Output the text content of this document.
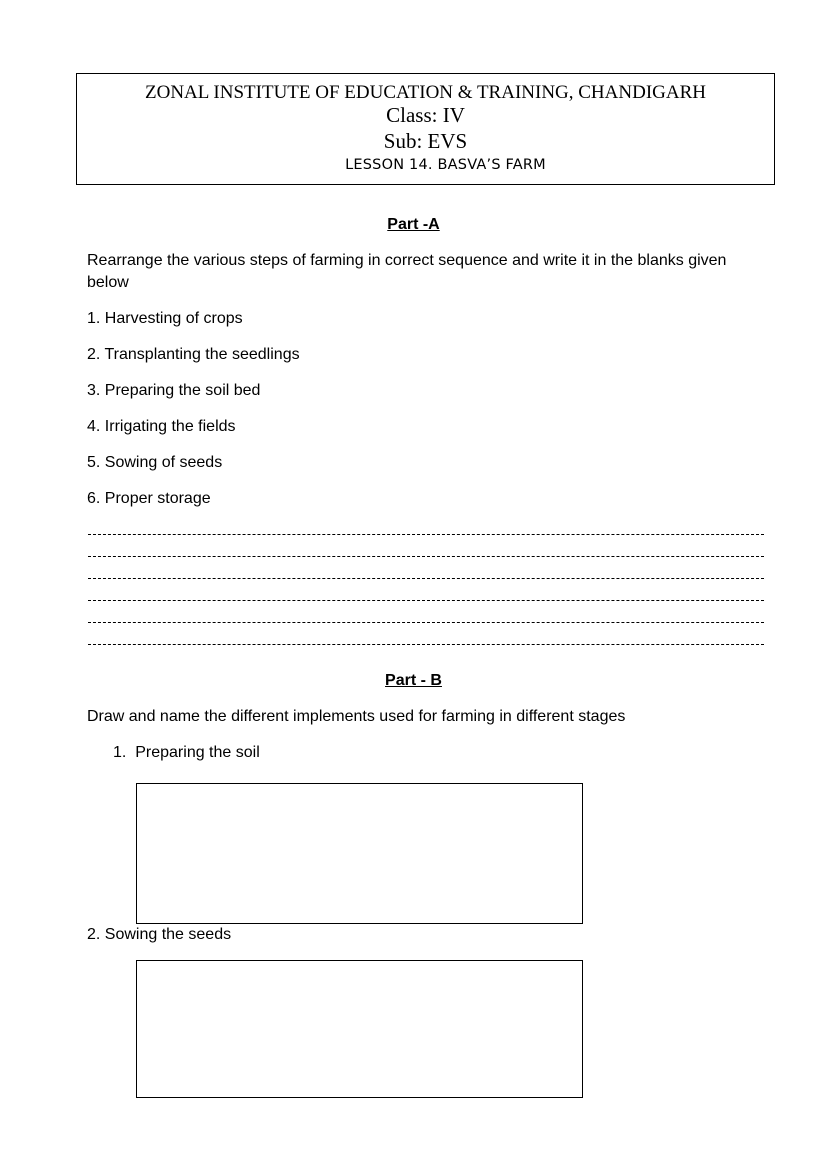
ZONAL INSTITUTE OF EDUCATION & TRAINING, CHANDIGARH
Class: IV
Sub: EVS
LESSON 14. BASVA’S FARM
Part -A
Rearrange the various steps of farming in correct sequence and write it in the blanks given below
1. Harvesting of crops
2. Transplanting the seedlings
3. Preparing the soil bed
4. Irrigating the fields
5. Sowing of seeds
6. Proper storage
Part - B
Draw and name the different implements used for farming in different stages
1.  Preparing the soil
2. Sowing the seeds
